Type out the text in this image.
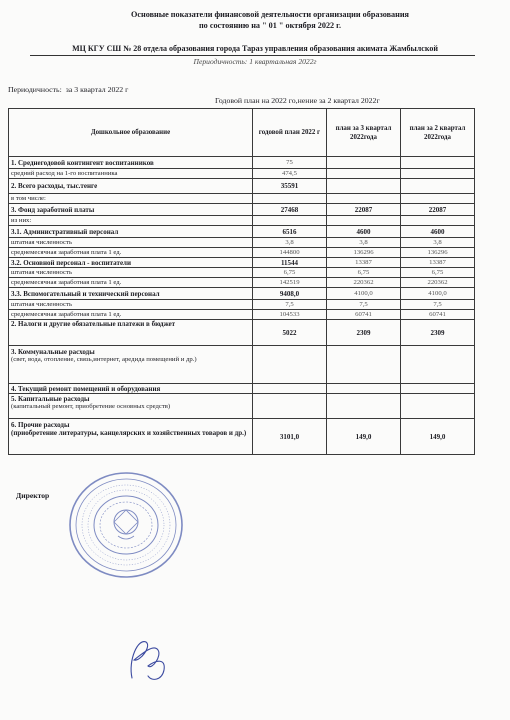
Основные показатели финансовой деятельности организации образования
по состоянию на " 01 " октября 2022 г.
МЦ КГУ СШ № 28 отдела образования города Тараз управления образования акимата Жамбылской
Периодичность: 1 квартальная 2022г
Периодичность: за 3 квартал 2022 г
Годовой план на 2022 го,нение за 2 квартал 2022г
Дошкольное образование	годовой план 2022 г	план за 3 квартал 2022года	план за 2 квартал 2022года
1. Среднегодовой контингент воспитанников	75		
средний расход на 1-го воспитанника	474,5		
2. Всего расходы, тыс.тенге	35591		
в том числе:			
3. Фонд заработной платы	27468	22087	22087
из них:			
3.1. Административный персонал	6516	4600	4600
штатная численность	3,8	3,8	3,8
среднемесячная заработная плата 1 ед.	144800	136296	136296
3.2. Основной персонал - воспитатели	11544	13387	13387
штатная численность	6,75	6,75	6,75
среднемесячная заработная плата 1 ед.	142519	220362	220362
3.3. Вспомогательный и технический персонал	9408,0	4100,0	4100,0
штатная численность	7,5	7,5	7,5
среднемесячная заработная плата 1 ед.	104533	60741	60741
2. Налоги и другие обязательные платежи в бюджет	5022	2309	2309

3. Коммунальные расходы
(свет, вода, отопление, связь,интернет, аредида помещений и др.)			

4. Текущий ремонт помещений и оборудования			

5. Капитальные расходы
(капитальный ремонт, приобретение основных средств)			

6. Прочие расходы
(приобретение литературы, канцелярских и хозяйственных товаров и др.)	3101,0	149,0	149,0
Директор
